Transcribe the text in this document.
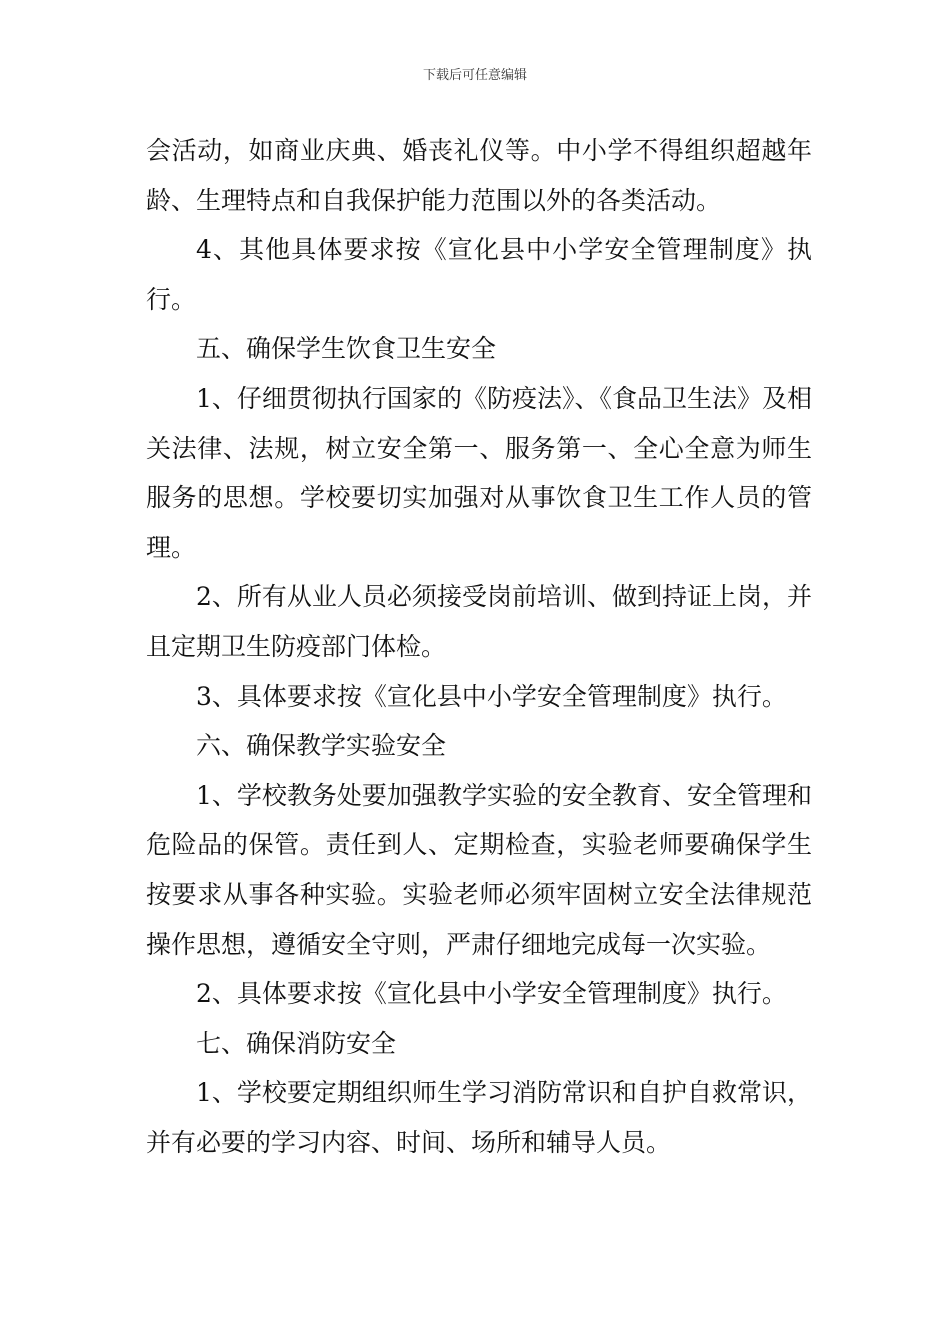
下载后可任意编辑

会活动，如商业庆典、婚丧礼仪等。中小学不得组织超越年龄、生理特点和自我保护能力范围以外的各类活动。

4、其他具体要求按《宣化县中小学安全管理制度》执行。

五、确保学生饮食卫生安全

1、仔细贯彻执行国家的《防疫法》、《食品卫生法》及相关法律、法规，树立安全第一、服务第一、全心全意为师生服务的思想。学校要切实加强对从事饮食卫生工作人员的管理。

2、所有从业人员必须接受岗前培训、做到持证上岗，并且定期卫生防疫部门体检。

3、具体要求按《宣化县中小学安全管理制度》执行。

六、确保教学实验安全

1、学校教务处要加强教学实验的安全教育、安全管理和危险品的保管。责任到人、定期检查，实验老师要确保学生按要求从事各种实验。实验老师必须牢固树立安全法律规范操作思想，遵循安全守则，严肃仔细地完成每一次实验。

2、具体要求按《宣化县中小学安全管理制度》执行。

七、确保消防安全

1、学校要定期组织师生学习消防常识和自护自救常识，并有必要的学习内容、时间、场所和辅导人员。
